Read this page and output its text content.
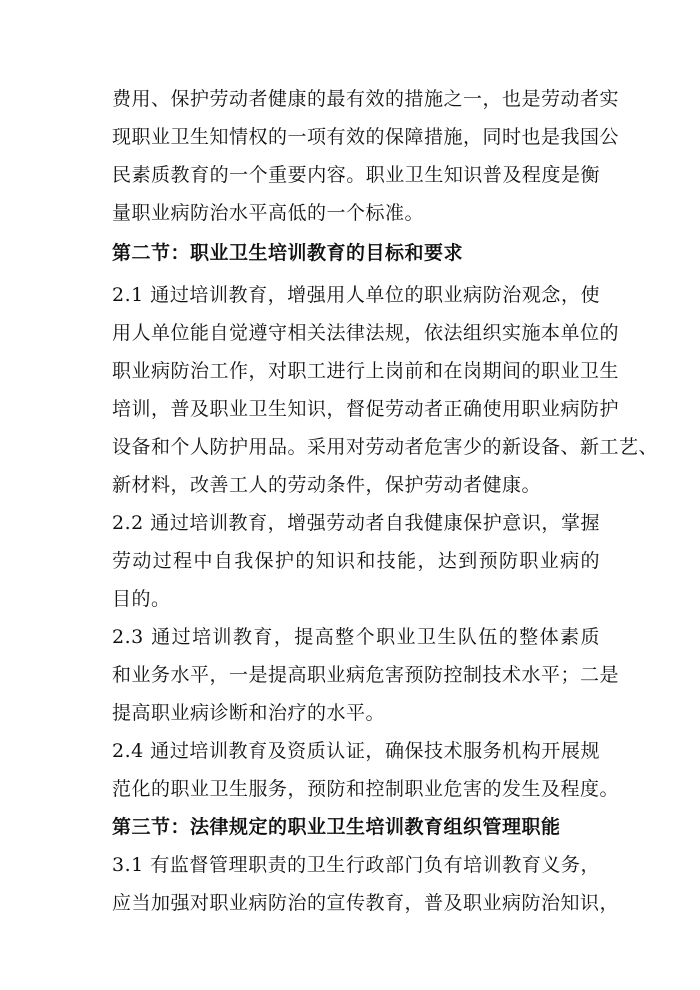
费用、保护劳动者健康的最有效的措施之一，也是劳动者实
现职业卫生知情权的一项有效的保障措施，同时也是我国公
民素质教育的一个重要内容。职业卫生知识普及程度是衡
量职业病防治水平高低的一个标准。
第二节：职业卫生培训教育的目标和要求
2.1 通过培训教育，增强用人单位的职业病防治观念，使
用人单位能自觉遵守相关法律法规，依法组织实施本单位的
职业病防治工作，对职工进行上岗前和在岗期间的职业卫生
培训，普及职业卫生知识，督促劳动者正确使用职业病防护
设备和个人防护用品。采用对劳动者危害少的新设备、新工艺、
新材料，改善工人的劳动条件，保护劳动者健康。
2.2 通过培训教育，增强劳动者自我健康保护意识，掌握
劳动过程中自我保护的知识和技能，达到预防职业病的
目的。
2.3 通过培训教育，提高整个职业卫生队伍的整体素质
和业务水平，一是提高职业病危害预防控制技术水平；二是
提高职业病诊断和治疗的水平。
2.4 通过培训教育及资质认证，确保技术服务机构开展规
范化的职业卫生服务，预防和控制职业危害的发生及程度。
第三节：法律规定的职业卫生培训教育组织管理职能
3.1 有监督管理职责的卫生行政部门负有培训教育义务，
应当加强对职业病防治的宣传教育，普及职业病防治知识，
